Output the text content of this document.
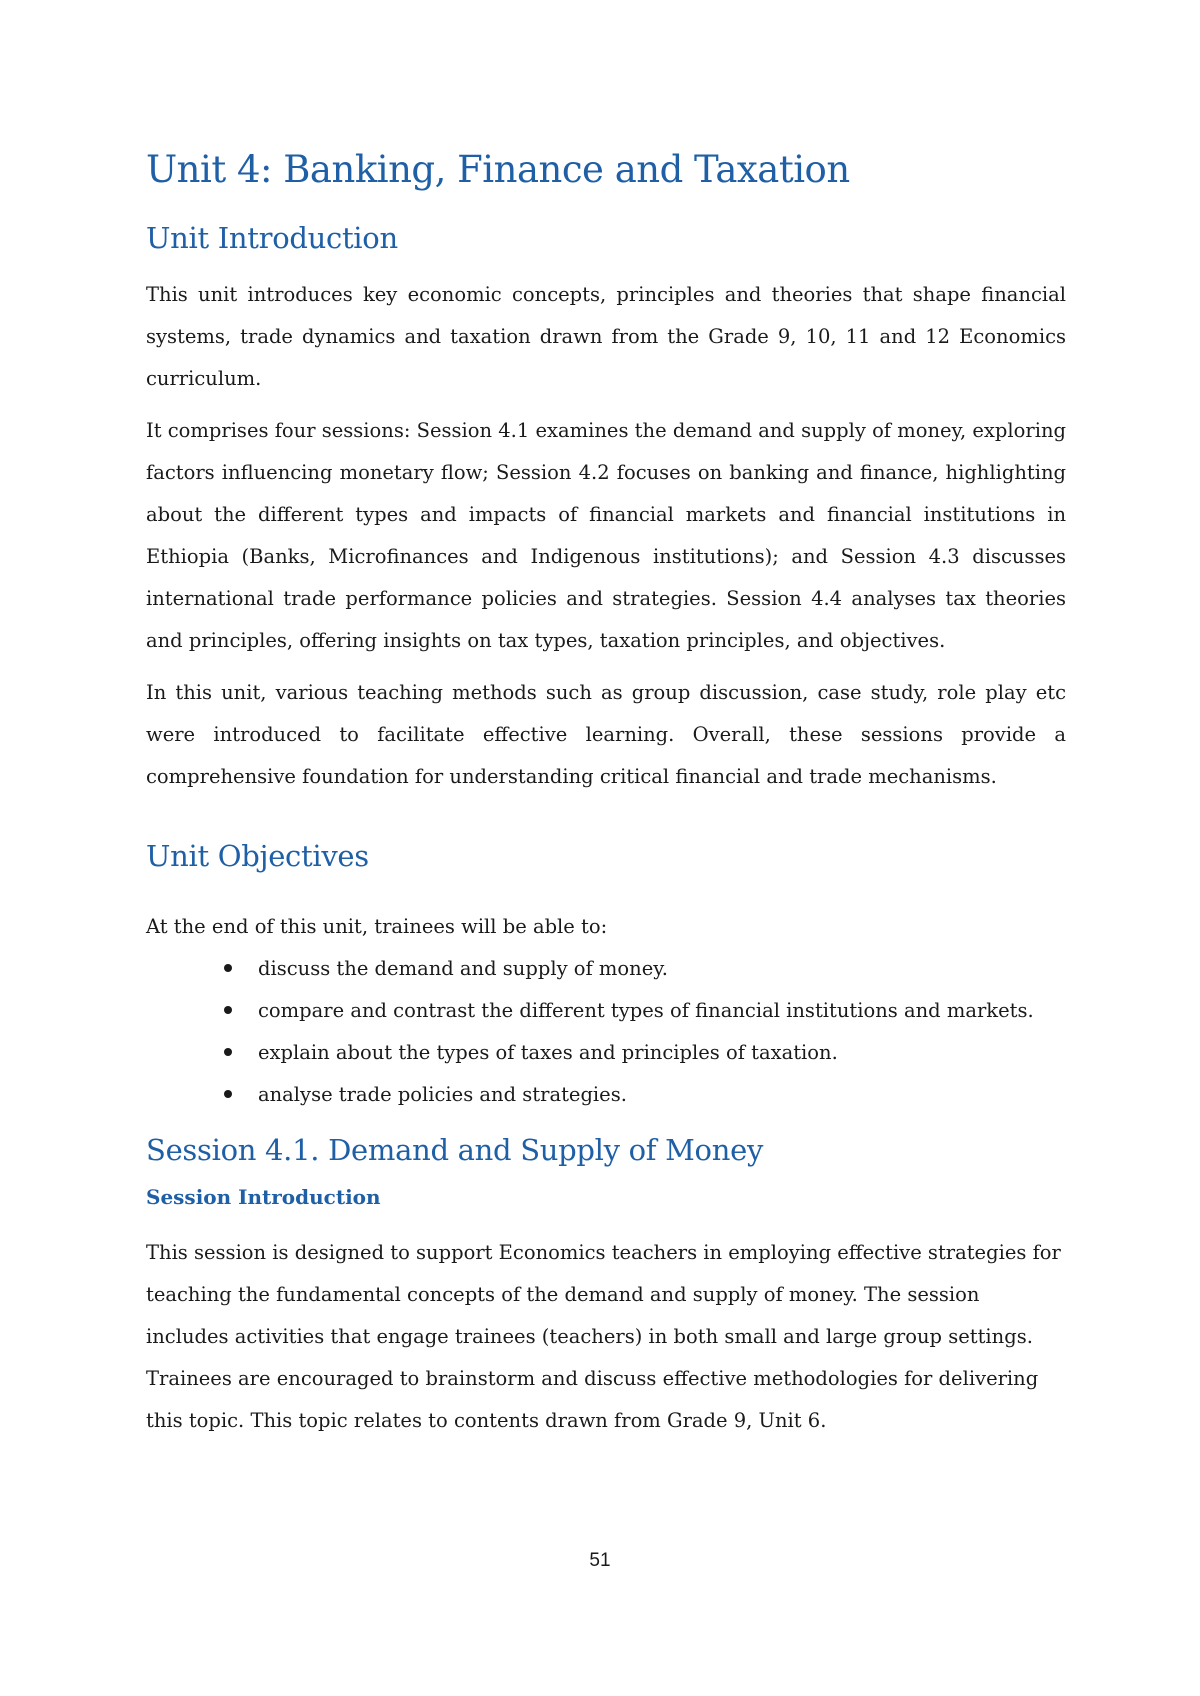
Unit 4: Banking, Finance and Taxation
Unit Introduction

This unit introduces key economic concepts, principles and theories that shape financial systems, trade dynamics and taxation drawn from the Grade 9, 10, 11 and 12 Economics curriculum.

It comprises four sessions: Session 4.1 examines the demand and supply of money, exploring factors influencing monetary flow; Session 4.2 focuses on banking and finance, highlighting about the different types and impacts of financial markets and financial institutions in Ethiopia (Banks, Microfinances and Indigenous institutions); and Session 4.3 discusses international trade performance policies and strategies. Session 4.4 analyses tax theories and principles, offering insights on tax types, taxation principles, and objectives.

In this unit, various teaching methods such as group discussion, case study, role play etc were introduced to facilitate effective learning. Overall, these sessions provide a comprehensive foundation for understanding critical financial and trade mechanisms.

Unit Objectives

At the end of this unit, trainees will be able to:

discuss the demand and supply of money.
compare and contrast the different types of financial institutions and markets.
explain about the types of taxes and principles of taxation.
analyse trade policies and strategies.
Session 4.1. Demand and Supply of Money
Session Introduction

This session is designed to support Economics teachers in employing effective strategies for teaching the fundamental concepts of the demand and supply of money. The session includes activities that engage trainees (teachers) in both small and large group settings. Trainees are encouraged to brainstorm and discuss effective methodologies for delivering this topic. This topic relates to contents drawn from Grade 9, Unit 6.

51
